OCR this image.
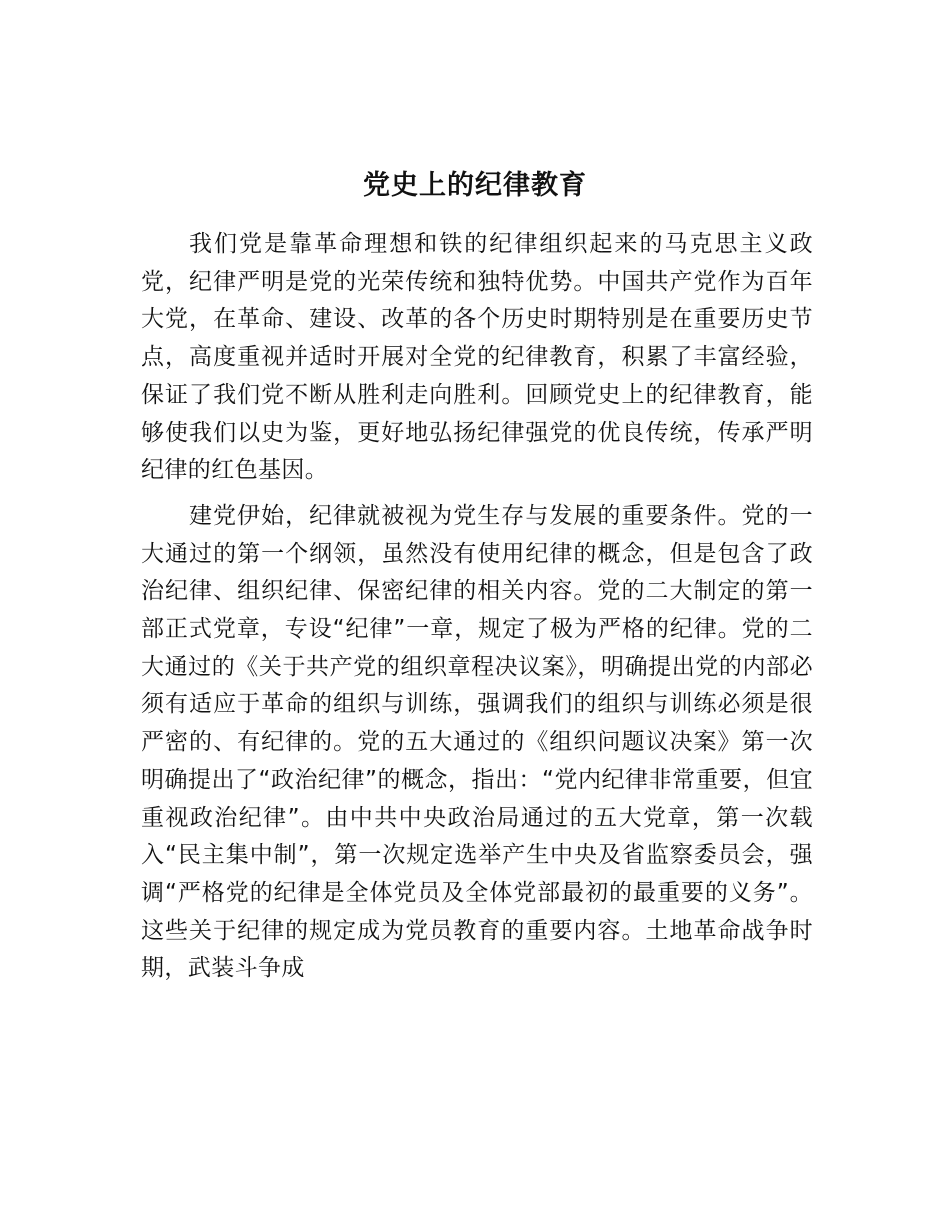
党史上的纪律教育

我们党是靠革命理想和铁的纪律组织起来的马克思主义政党，纪律严明是党的光荣传统和独特优势。中国共产党作为百年大党，在革命、建设、改革的各个历史时期特别是在重要历史节点，高度重视并适时开展对全党的纪律教育，积累了丰富经验，保证了我们党不断从胜利走向胜利。回顾党史上的纪律教育，能够使我们以史为鉴，更好地弘扬纪律强党的优良传统，传承严明纪律的红色基因。

建党伊始，纪律就被视为党生存与发展的重要条件。党的一大通过的第一个纲领，虽然没有使用纪律的概念，但是包含了政治纪律、组织纪律、保密纪律的相关内容。党的二大制定的第一部正式党章，专设“纪律”一章，规定了极为严格的纪律。党的二大通过的《关于共产党的组织章程决议案》，明确提出党的内部必须有适应于革命的组织与训练，强调我们的组织与训练必须是很严密的、有纪律的。党的五大通过的《组织问题议决案》第一次明确提出了“政治纪律”的概念，指出：“党内纪律非常重要，但宜重视政治纪律”。由中共中央政治局通过的五大党章，第一次载入“民主集中制”，第一次规定选举产生中央及省监察委员会，强调“严格党的纪律是全体党员及全体党部最初的最重要的义务”。这些关于纪律的规定成为党员教育的重要内容。土地革命战争时期，武装斗争成
